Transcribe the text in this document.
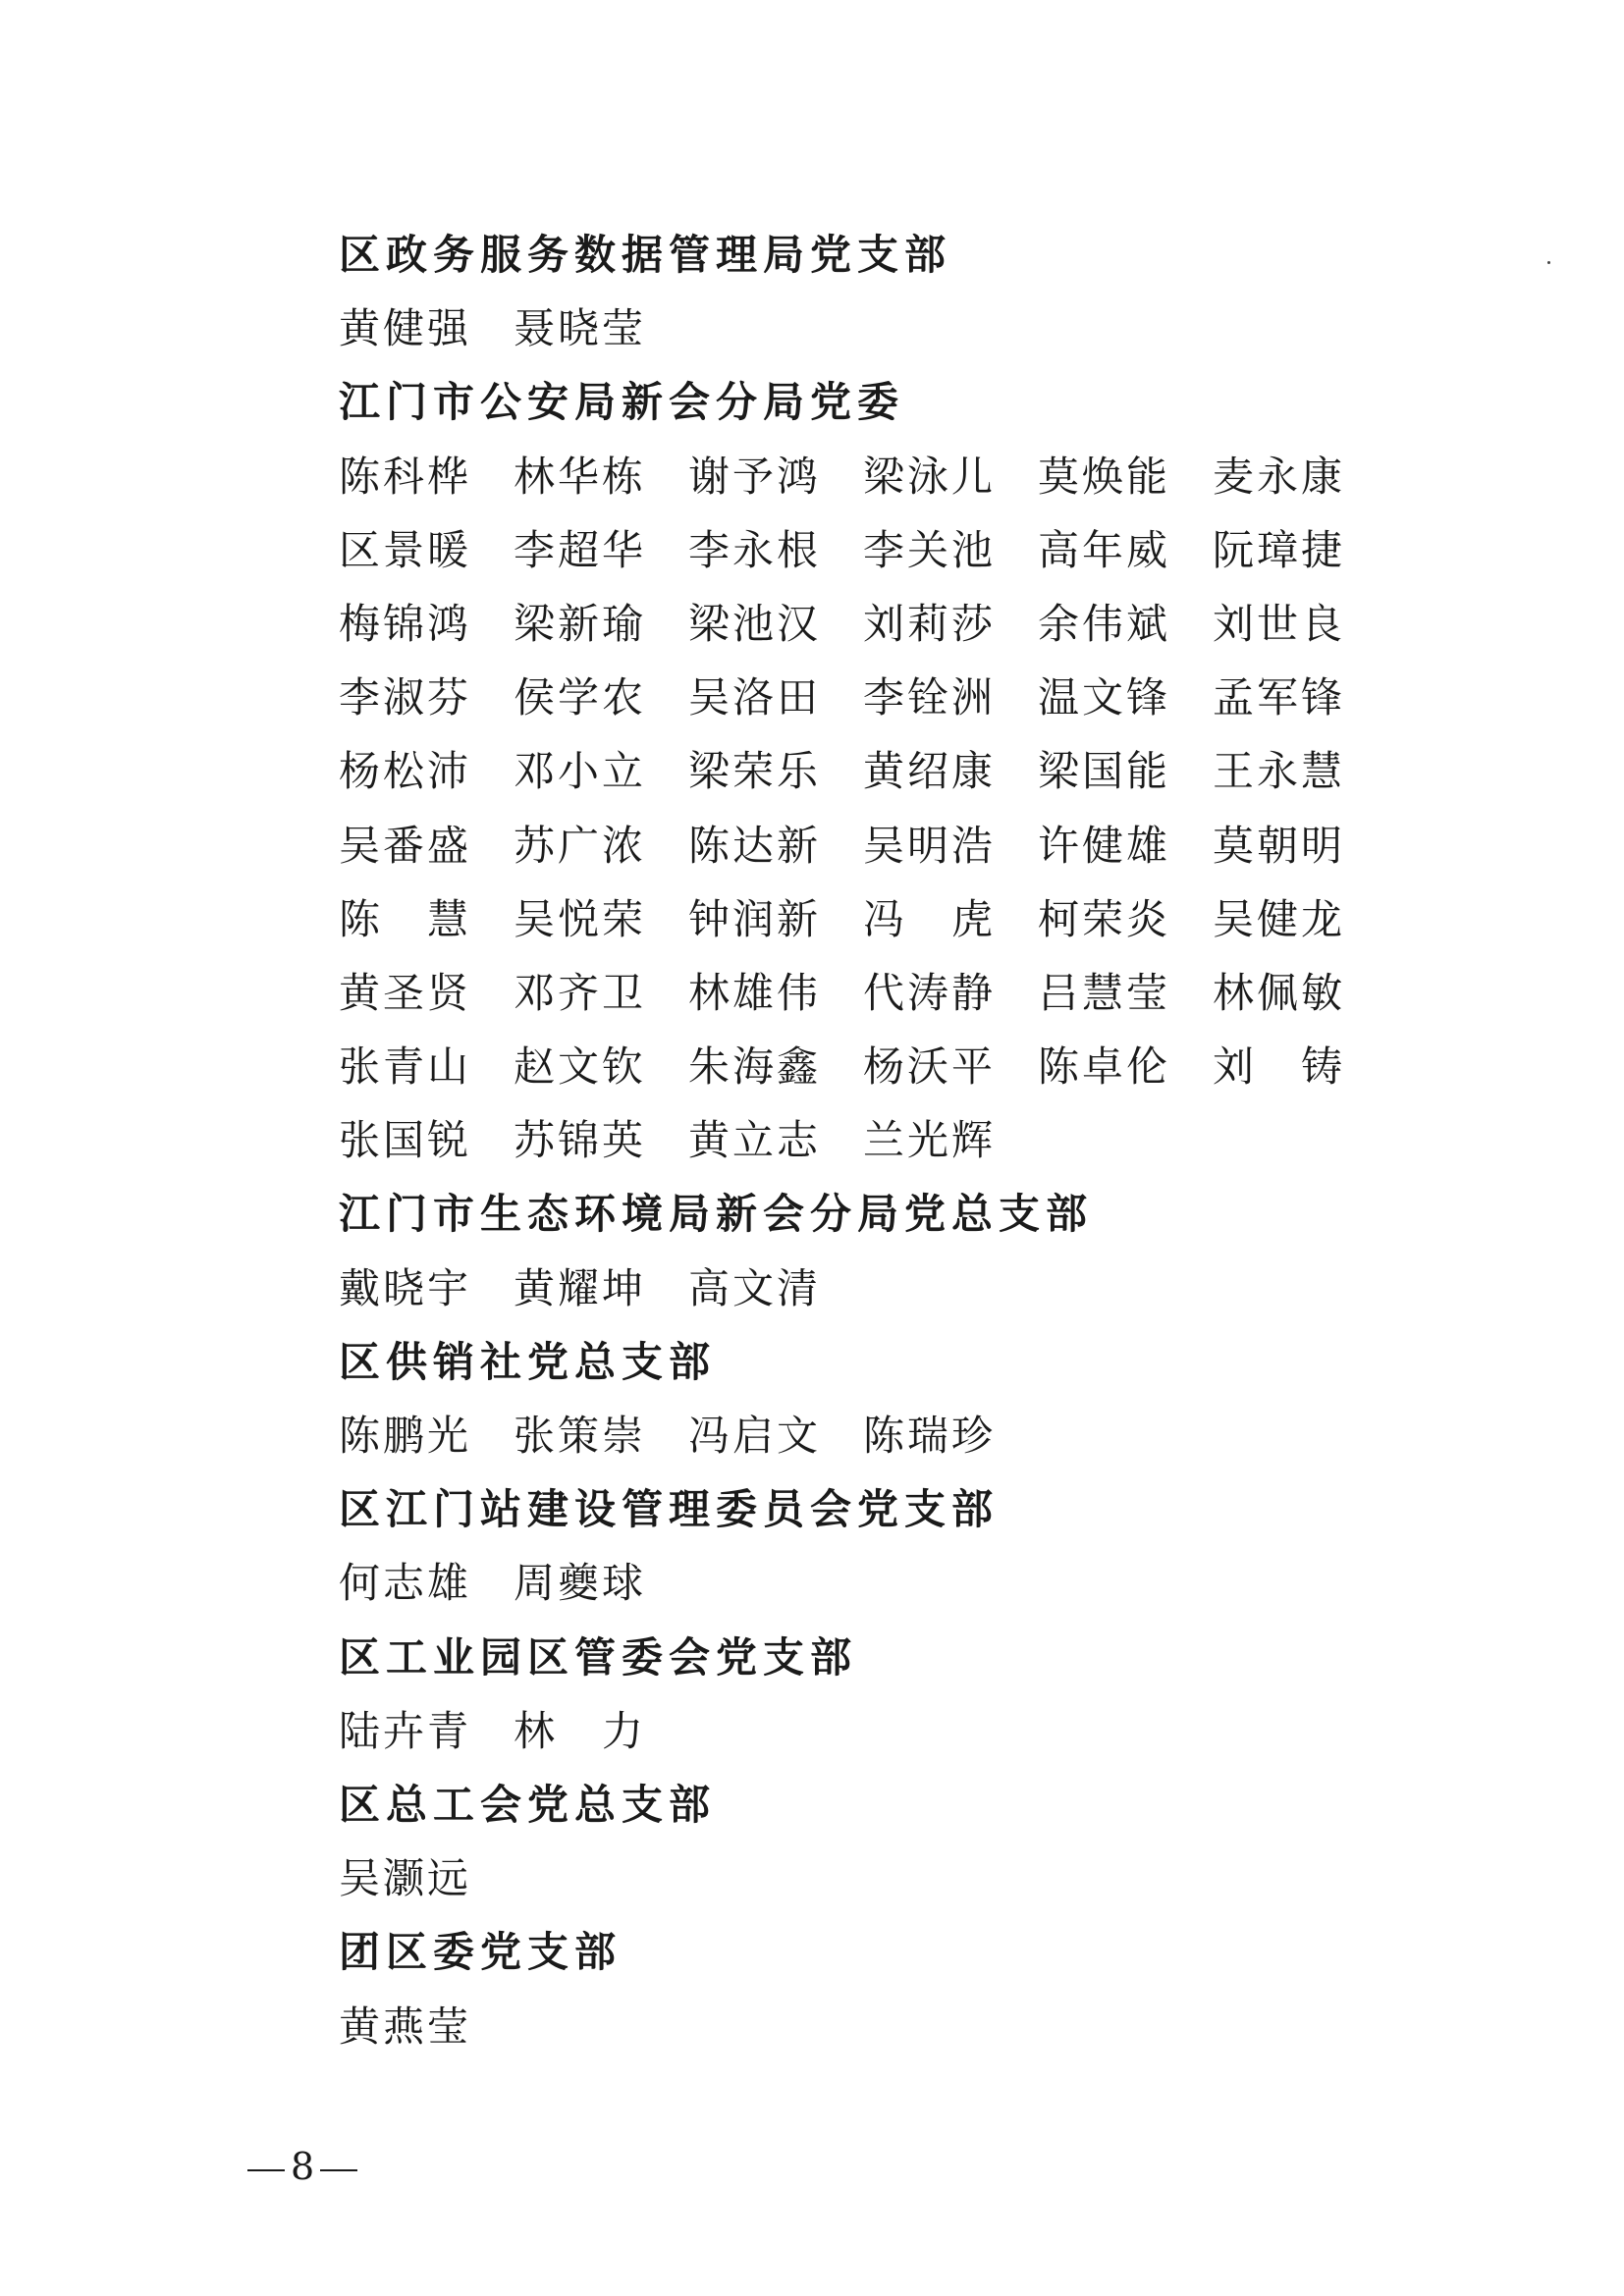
区政务服务数据管理局党支部
黄健强	聂晓莹
江门市公安局新会分局党委
陈科桦	林华栋	谢予鸿	梁泳儿	莫焕能	麦永康
区景暖	李超华	李永根	李关池	高年威	阮璋捷
梅锦鸿	梁新瑜	梁池汉	刘莉莎	余伟斌	刘世良
李淑芬	侯学农	吴洛田	李铨洲	温文锋	孟军锋
杨松沛	邓小立	梁荣乐	黄绍康	梁国能	王永慧
吴番盛	苏广浓	陈达新	吴明浩	许健雄	莫朝明
陈　慧	吴悦荣	钟润新	冯　虎	柯荣炎	吴健龙
黄圣贤	邓齐卫	林雄伟	代涛静	吕慧莹	林佩敏
张青山	赵文钦	朱海鑫	杨沃平	陈卓伦	刘　铸
张国锐	苏锦英	黄立志	兰光辉
江门市生态环境局新会分局党总支部
戴晓宇	黄耀坤	高文清
区供销社党总支部
陈鹏光	张策崇	冯启文	陈瑞珍
区江门站建设管理委员会党支部
何志雄	周夔球
区工业园区管委会党支部
陆卉青	林　力
区总工会党总支部
吴灏远
团区委党支部
黄燕莹
8
